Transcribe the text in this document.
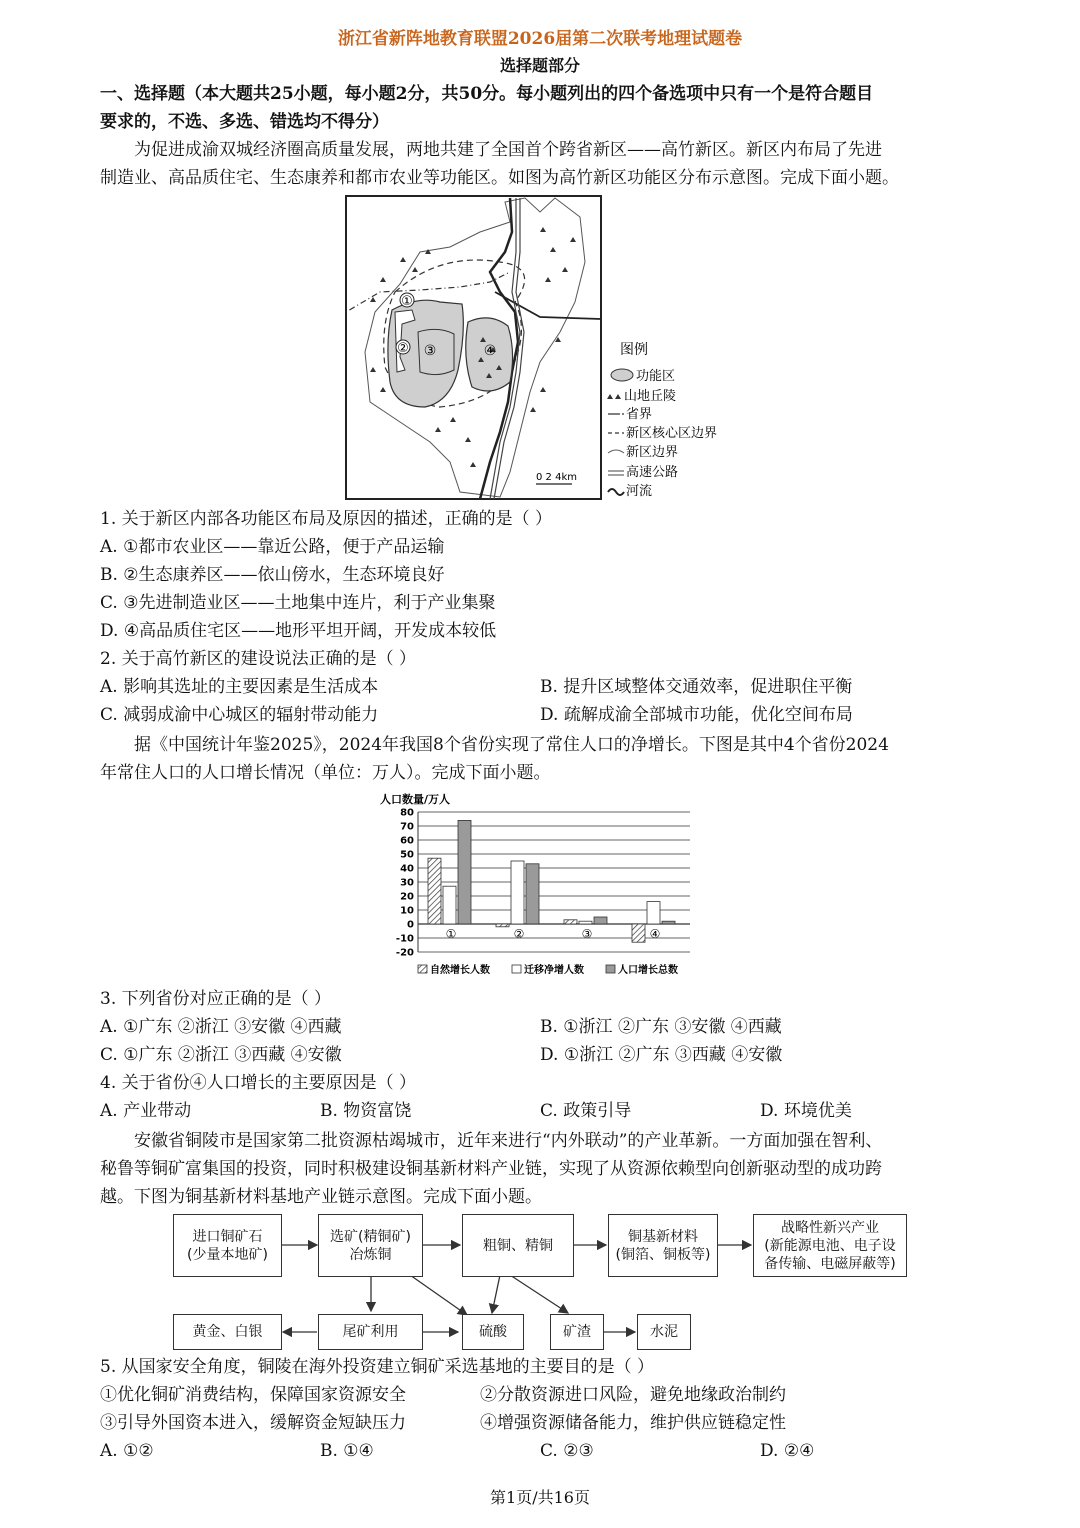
浙江省新阵地教育联盟2026届第二次联考地理试题卷
选择题部分
一、选择题（本大题共25小题，每小题2分，共50分。每小题列出的四个备选项中只有一个是符合题目
要求的，不选、多选、错选均不得分）
为促进成渝双城经济圈高质量发展，两地共建了全国首个跨省新区——高竹新区。新区内布局了先进
制造业、高品质住宅、生态康养和都市农业等功能区。如图为高竹新区功能区分布示意图。完成下面小题。
①
② ③	④
0 2 4km
图例
功能区
山地丘陵
省界
新区核心区边界
新区边界
高速公路
河流
1. 关于新区内部各功能区布局及原因的描述，正确的是（ ）
A. ①都市农业区——靠近公路，便于产品运输
B. ②生态康养区——依山傍水，生态环境良好
C. ③先进制造业区——土地集中连片，利于产业集聚
D. ④高品质住宅区——地形平坦开阔，开发成本较低
2. 关于高竹新区的建设说法正确的是（ ）
A. 影响其选址的主要因素是生活成本	B. 提升区域整体交通效率，促进职住平衡
C. 减弱成渝中心城区的辐射带动能力	D. 疏解成渝全部城市功能，优化空间布局
据《中国统计年鉴2025》，2024年我国8个省份实现了常住人口的净增长。下图是其中4个省份2024
年常住人口的人口增长情况（单位：万人）。完成下面小题。
人口数量/万人
-20
-10
0
10
20
30
40
50
60
70
80
①	②	③	④
自然增长人数	迁移净增人数	人口增长总数
3. 下列省份对应正确的是（ ）
A. ①广东 ②浙江 ③安徽 ④西藏	B. ①浙江 ②广东 ③安徽 ④西藏
C. ①广东 ②浙江 ③西藏 ④安徽	D. ①浙江 ②广东 ③西藏 ④安徽
4. 关于省份④人口增长的主要原因是（ ）
A. 产业带动	B. 物资富饶	C. 政策引导	D. 环境优美
安徽省铜陵市是国家第二批资源枯竭城市，近年来进行“内外联动”的产业革新。一方面加强在智利、
秘鲁等铜矿富集国的投资，同时积极建设铜基新材料产业链，实现了从资源依赖型向创新驱动型的成功跨
越。下图为铜基新材料基地产业链示意图。完成下面小题。
进口铜矿石
(少量本地矿)
选矿(精铜矿)
冶炼铜
粗铜、精铜
铜基新材料
(铜箔、铜板等)
战略性新兴产业
(新能源电池、电子设
备传输、电磁屏蔽等)
黄金、白银	尾矿利用	硫酸	矿渣	水泥
5. 从国家安全角度，铜陵在海外投资建立铜矿采选基地的主要目的是（ ）
①优化铜矿消费结构，保障国家资源安全	②分散资源进口风险，避免地缘政治制约
③引导外国资本进入，缓解资金短缺压力	④增强资源储备能力，维护供应链稳定性
A. ①②	B. ①④	C. ②③	D. ②④
第1页/共16页
